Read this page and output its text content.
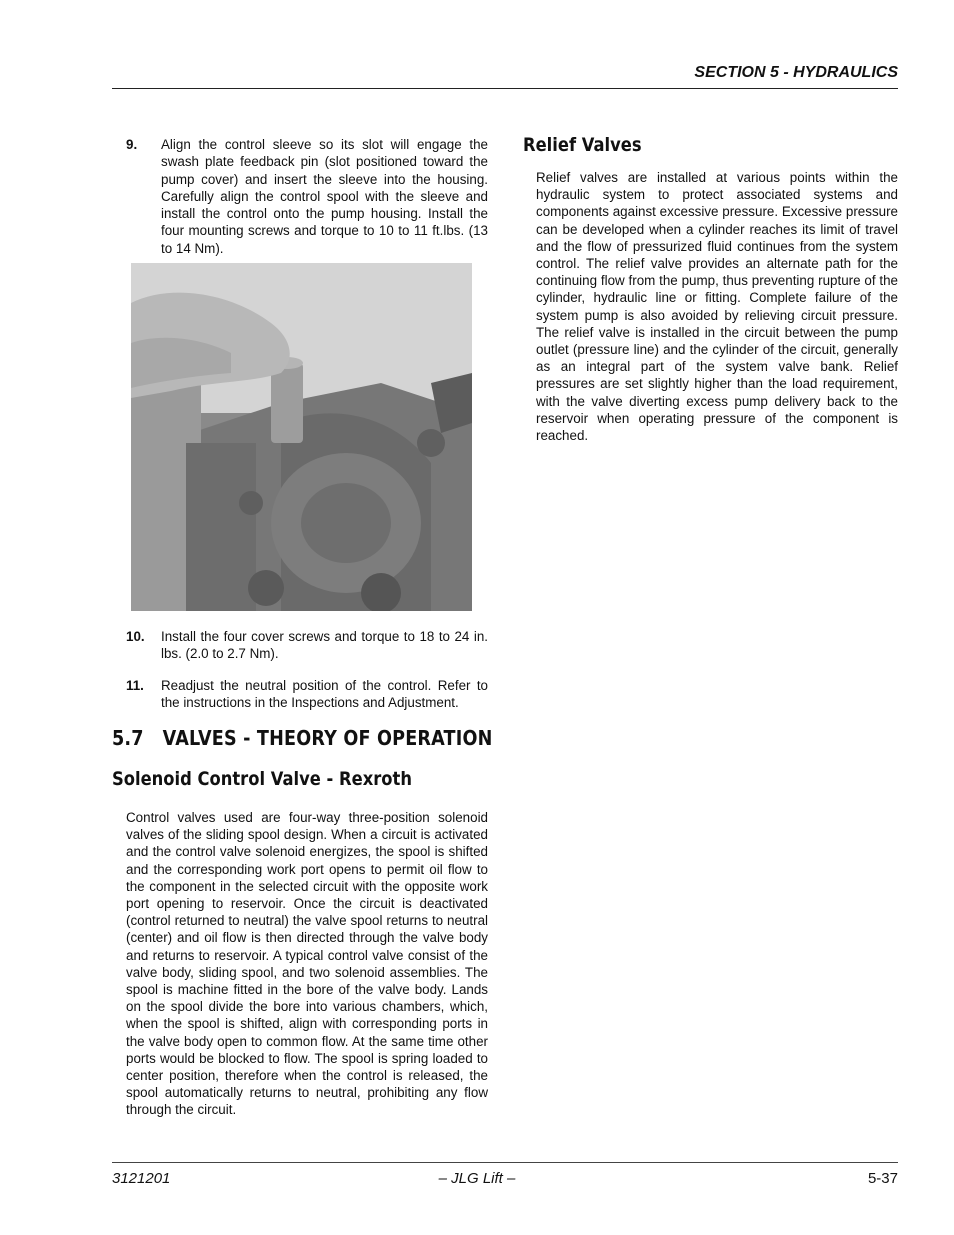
SECTION 5 - HYDRAULICS
9. Align the control sleeve so its slot will engage the swash plate feedback pin (slot positioned toward the pump cover) and insert the sleeve into the housing. Carefully align the control spool with the sleeve and install the control onto the pump housing. Install the four mounting screws and torque to 10 to 11 ft.lbs. (13 to 14 Nm).
10. Install the four cover screws and torque to 18 to 24 in. lbs. (2.0 to 2.7 Nm).
11. Readjust the neutral position of the control. Refer to the instructions in the Inspections and Adjustment.
5.7 VALVES - THEORY OF OPERATION
Solenoid Control Valve - Rexroth
Control valves used are four-way three-position solenoid valves of the sliding spool design. When a circuit is activated and the control valve solenoid energizes, the spool is shifted and the corresponding work port opens to permit oil flow to the component in the selected circuit with the opposite work port opening to reservoir. Once the circuit is deactivated (control returned to neutral) the valve spool returns to neutral (center) and oil flow is then directed through the valve body and returns to reservoir. A typical control valve consist of the valve body, sliding spool, and two solenoid assemblies. The spool is machine fitted in the bore of the valve body. Lands on the spool divide the bore into various chambers, which, when the spool is shifted, align with corresponding ports in the valve body open to common flow. At the same time other ports would be blocked to flow. The spool is spring loaded to center position, therefore when the control is released, the spool automatically returns to neutral, prohibiting any flow through the circuit.
Relief Valves
Relief valves are installed at various points within the hydraulic system to protect associated systems and components against excessive pressure. Excessive pressure can be developed when a cylinder reaches its limit of travel and the flow of pressurized fluid continues from the system control. The relief valve provides an alternate path for the continuing flow from the pump, thus preventing rupture of the cylinder, hydraulic line or fitting. Complete failure of the system pump is also avoided by relieving circuit pressure. The relief valve is installed in the circuit between the pump outlet (pressure line) and the cylinder of the circuit, generally as an integral part of the system valve bank. Relief pressures are set slightly higher than the load requirement, with the valve diverting excess pump delivery back to the reservoir when operating pressure of the component is reached.
3121201	– JLG Lift –	5-37
